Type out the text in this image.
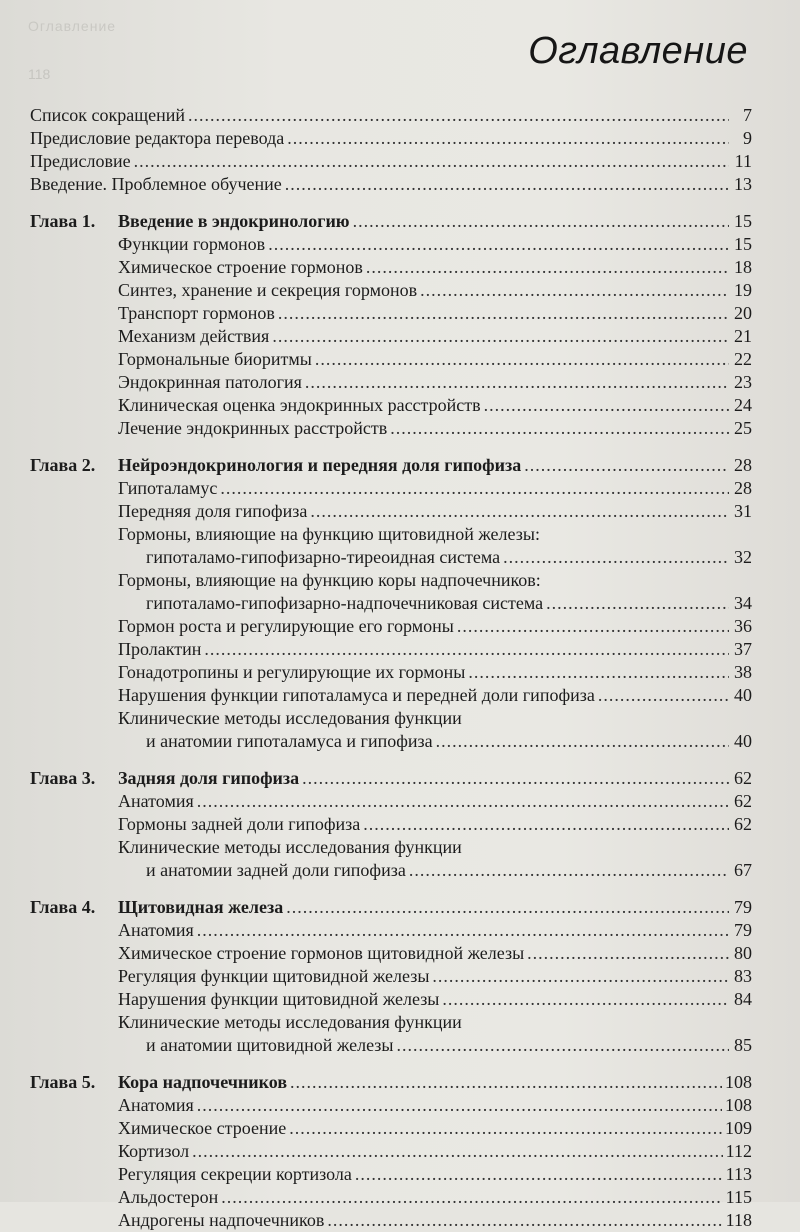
Оглавление
118
Оглавление
Список сокращений .....	7
Предисловие редактора перевода .....	9
Предисловие .....	11
Введение. Проблемное обучение .....	13
Глава 1.	Введение в эндокринологию .....	15
Функции гормонов .....	15
Химическое строение гормонов .....	18
Синтез, хранение и секреция гормонов .....	19
Транспорт гормонов .....	20
Механизм действия .....	21
Гормональные биоритмы .....	22
Эндокринная патология .....	23
Клиническая оценка эндокринных расстройств .....	24
Лечение эндокринных расстройств .....	25
Глава 2.	Нейроэндокринология и передняя доля гипофиза .....	28
Гипоталамус .....	28
Передняя доля гипофиза .....	31
Гормоны, влияющие на функцию щитовидной железы:
гипоталамо-гипофизарно-тиреоидная система .....	32
Гормоны, влияющие на функцию коры надпочечников:
гипоталамо-гипофизарно-надпочечниковая система .....	34
Гормон роста и регулирующие его гормоны .....	36
Пролактин .....	37
Гонадотропины и регулирующие их гормоны .....	38
Нарушения функции гипоталамуса и передней доли гипофиза .....	40
Клинические методы исследования функции
и анатомии гипоталамуса и гипофиза .....	40
Глава 3.	Задняя доля гипофиза .....	62
Анатомия .....	62
Гормоны задней доли гипофиза .....	62
Клинические методы исследования функции
и анатомии задней доли гипофиза .....	67
Глава 4.	Щитовидная железа .....	79
Анатомия .....	79
Химическое строение гормонов щитовидной железы .....	80
Регуляция функции щитовидной железы .....	83
Нарушения функции щитовидной железы .....	84
Клинические методы исследования функции
и анатомии щитовидной железы .....	85
Глава 5.	Кора надпочечников .....	108
Анатомия .....	108
Химическое строение .....	109
Кортизол .....	112
Регуляция секреции кортизола .....	113
Альдостерон .....	115
Андрогены надпочечников .....	118
